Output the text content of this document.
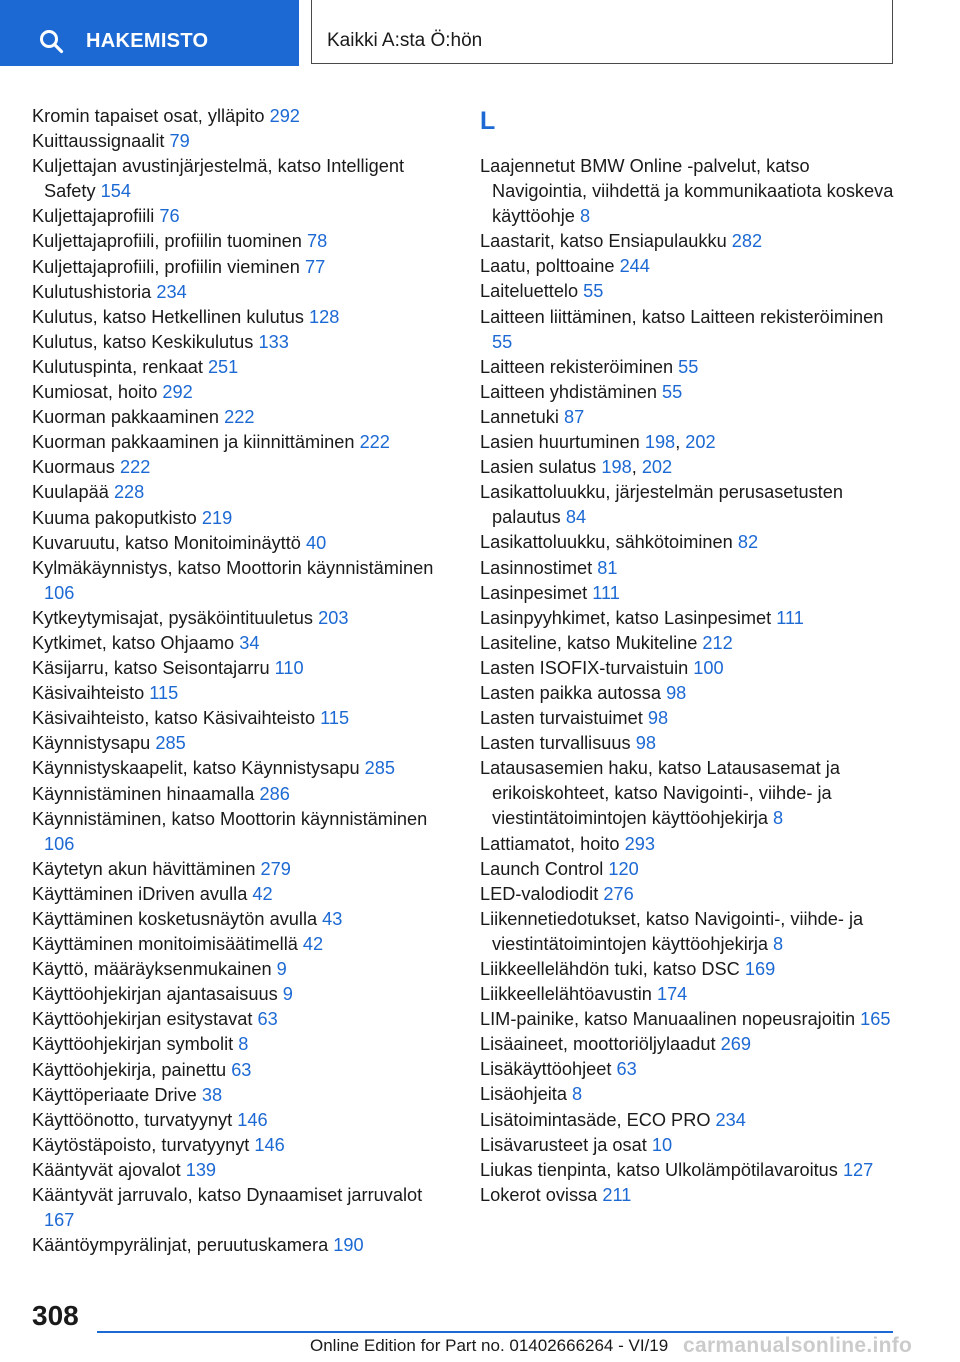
HAKEMISTO	Kaikki A:sta Ö:hön
Kromin tapaiset osat, ylläpito 292
Kuittaussignaalit 79
Kuljettajan avustinjärjestelmä, katso Intelligent Safety 154
Kuljettajaprofiili 76
Kuljettajaprofiili, profiilin tuominen 78
Kuljettajaprofiili, profiilin vieminen 77
Kulutushistoria 234
Kulutus, katso Hetkellinen kulutus 128
Kulutus, katso Keskikulutus 133
Kulutuspinta, renkaat 251
Kumiosat, hoito 292
Kuorman pakkaaminen 222
Kuorman pakkaaminen ja kiinnittäminen 222
Kuormaus 222
Kuulapää 228
Kuuma pakoputkisto 219
Kuvaruutu, katso Monitoiminäyttö 40
Kylmäkäynnistys, katso Moottorin käynnistäminen 106
Kytkeytymisajat, pysäköintituuletus 203
Kytkimet, katso Ohjaamo 34
Käsijarru, katso Seisontajarru 110
Käsivaihteisto 115
Käsivaihteisto, katso Käsivaihteisto 115
Käynnistysapu 285
Käynnistyskaapelit, katso Käynnistysapu 285
Käynnistäminen hinaamalla 286
Käynnistäminen, katso Moottorin käynnistäminen 106
Käytetyn akun hävittäminen 279
Käyttäminen iDriven avulla 42
Käyttäminen kosketusnäytön avulla 43
Käyttäminen monitoimisäätimellä 42
Käyttö, määräyksenmukainen 9
Käyttöohjekirjan ajantasaisuus 9
Käyttöohjekirjan esitystavat 63
Käyttöohjekirjan symbolit 8
Käyttöohjekirja, painettu 63
Käyttöperiaate Drive 38
Käyttöönotto, turvatyynyt 146
Käytöstäpoisto, turvatyynyt 146
Kääntyvät ajovalot 139
Kääntyvät jarruvalo, katso Dynaamiset jarruvalot 167
Kääntöympyrälinjat, peruutuskamera 190
L
Laajennetut BMW Online -palvelut, katso Navigointia, viihdettä ja kommunikaatiota koskeva käyttöohje 8
Laastarit, katso Ensiapulaukku 282
Laatu, polttoaine 244
Laiteluettelo 55
Laitteen liittäminen, katso Laitteen rekisteröiminen 55
Laitteen rekisteröiminen 55
Laitteen yhdistäminen 55
Lannetuki 87
Lasien huurtuminen 198, 202
Lasien sulatus 198, 202
Lasikattoluukku, järjestelmän perusasetusten palautus 84
Lasikattoluukku, sähkötoiminen 82
Lasinnostimet 81
Lasinpesimet 111
Lasinpyyhkimet, katso Lasinpesimet 111
Lasiteline, katso Mukiteline 212
Lasten ISOFIX-turvaistuin 100
Lasten paikka autossa 98
Lasten turvaistuimet 98
Lasten turvallisuus 98
Latausasemien haku, katso Latausasemat ja erikoiskohteet, katso Navigointi-, viihde- ja viestintätoimintojen käyttöohjekirja 8
Lattiamatot, hoito 293
Launch Control 120
LED-valodiodit 276
Liikennetiedotukset, katso Navigointi-, viihde- ja viestintätoimintojen käyttöohjekirja 8
Liikkeellelähdön tuki, katso DSC 169
Liikkeellelähtöavustin 174
LIM-painike, katso Manuaalinen nopeusrajoitin 165
Lisäaineet, moottoriöljylaadut 269
Lisäkäyttöohjeet 63
Lisäohjeita 8
Lisätoimintasäde, ECO PRO 234
Lisävarusteet ja osat 10
Liukas tienpinta, katso Ulkolämpötilavaroitus 127
Lokerot ovissa 211
308
Online Edition for Part no. 01402666264 - VI/19 carmanualsonline.info
